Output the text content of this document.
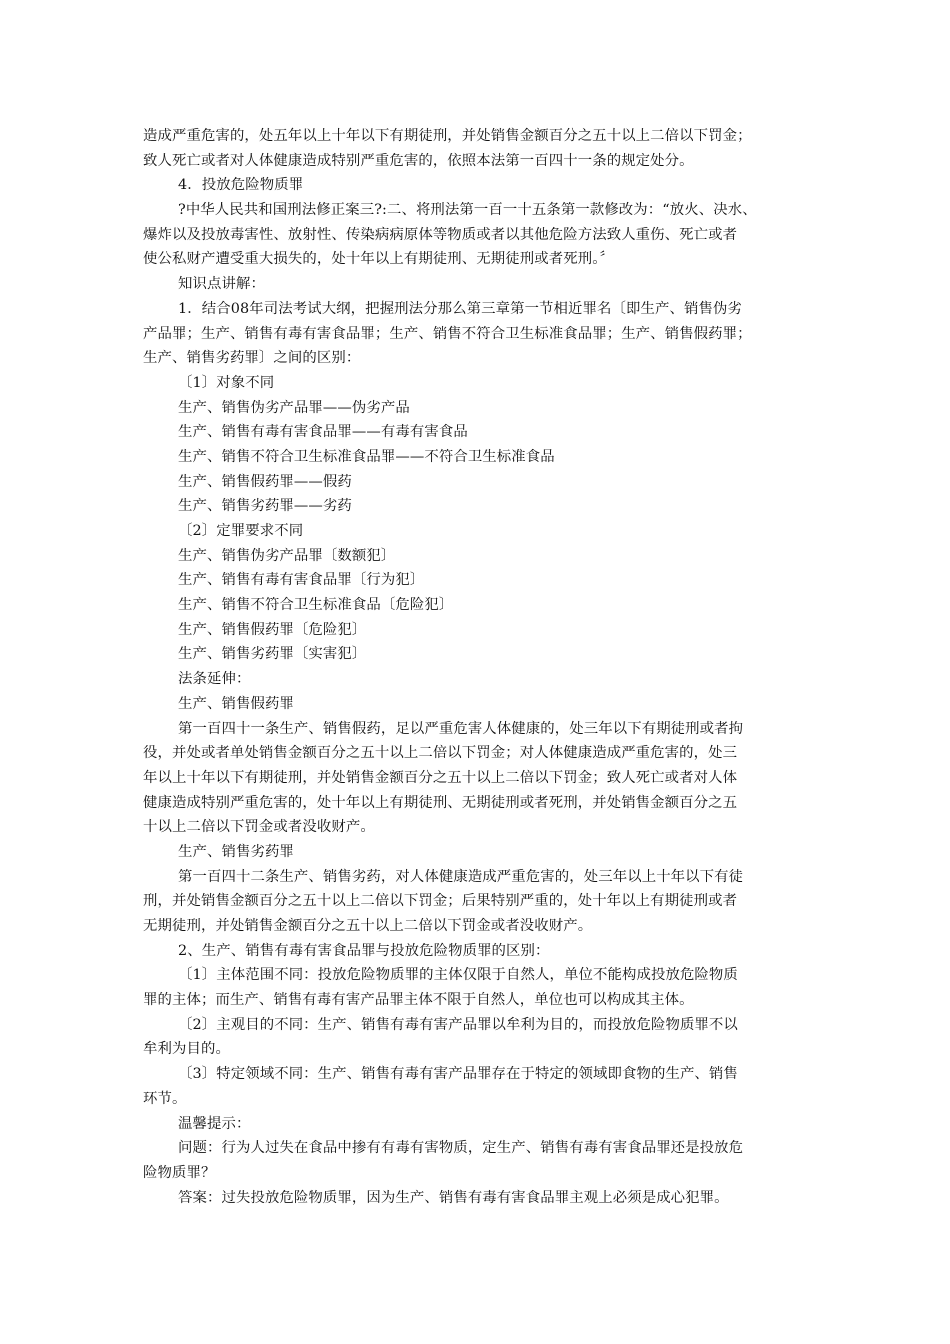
造成严重危害的，处五年以上十年以下有期徒刑，并处销售金额百分之五十以上二倍以下罚金；
致人死亡或者对人体健康造成特别严重危害的，依照本法第一百四十一条的规定处分。
4．投放危险物质罪
?中华人民共和国刑法修正案三?:二、将刑法第一百一十五条第一款修改为：“放火、决水、
爆炸以及投放毒害性、放射性、传染病病原体等物质或者以其他危险方法致人重伤、死亡或者
使公私财产遭受重大损失的，处十年以上有期徒刑、无期徒刑或者死刑。〞
知识点讲解：
1．结合08年司法考试大纲，把握刑法分那么第三章第一节相近罪名〔即生产、销售伪劣
产品罪；生产、销售有毒有害食品罪；生产、销售不符合卫生标准食品罪；生产、销售假药罪；
生产、销售劣药罪〕之间的区别：
〔1〕对象不同
生产、销售伪劣产品罪——伪劣产品
生产、销售有毒有害食品罪——有毒有害食品
生产、销售不符合卫生标准食品罪——不符合卫生标准食品
生产、销售假药罪——假药
生产、销售劣药罪——劣药
〔2〕定罪要求不同
生产、销售伪劣产品罪〔数额犯〕
生产、销售有毒有害食品罪〔行为犯〕
生产、销售不符合卫生标准食品〔危险犯〕
生产、销售假药罪〔危险犯〕
生产、销售劣药罪〔实害犯〕
法条延伸：
生产、销售假药罪
第一百四十一条生产、销售假药，足以严重危害人体健康的，处三年以下有期徒刑或者拘
役，并处或者单处销售金额百分之五十以上二倍以下罚金；对人体健康造成严重危害的，处三
年以上十年以下有期徒刑，并处销售金额百分之五十以上二倍以下罚金；致人死亡或者对人体
健康造成特别严重危害的，处十年以上有期徒刑、无期徒刑或者死刑，并处销售金额百分之五
十以上二倍以下罚金或者没收财产。
生产、销售劣药罪
第一百四十二条生产、销售劣药，对人体健康造成严重危害的，处三年以上十年以下有徒
刑，并处销售金额百分之五十以上二倍以下罚金；后果特别严重的，处十年以上有期徒刑或者
无期徒刑，并处销售金额百分之五十以上二倍以下罚金或者没收财产。
2、生产、销售有毒有害食品罪与投放危险物质罪的区别：
〔1〕主体范围不同：投放危险物质罪的主体仅限于自然人，单位不能构成投放危险物质
罪的主体；而生产、销售有毒有害产品罪主体不限于自然人，单位也可以构成其主体。
〔2〕主观目的不同：生产、销售有毒有害产品罪以牟利为目的，而投放危险物质罪不以
牟利为目的。
〔3〕特定领域不同：生产、销售有毒有害产品罪存在于特定的领域即食物的生产、销售
环节。
温馨提示：
问题：行为人过失在食品中掺有有毒有害物质，定生产、销售有毒有害食品罪还是投放危
险物质罪？
答案：过失投放危险物质罪，因为生产、销售有毒有害食品罪主观上必须是成心犯罪。
